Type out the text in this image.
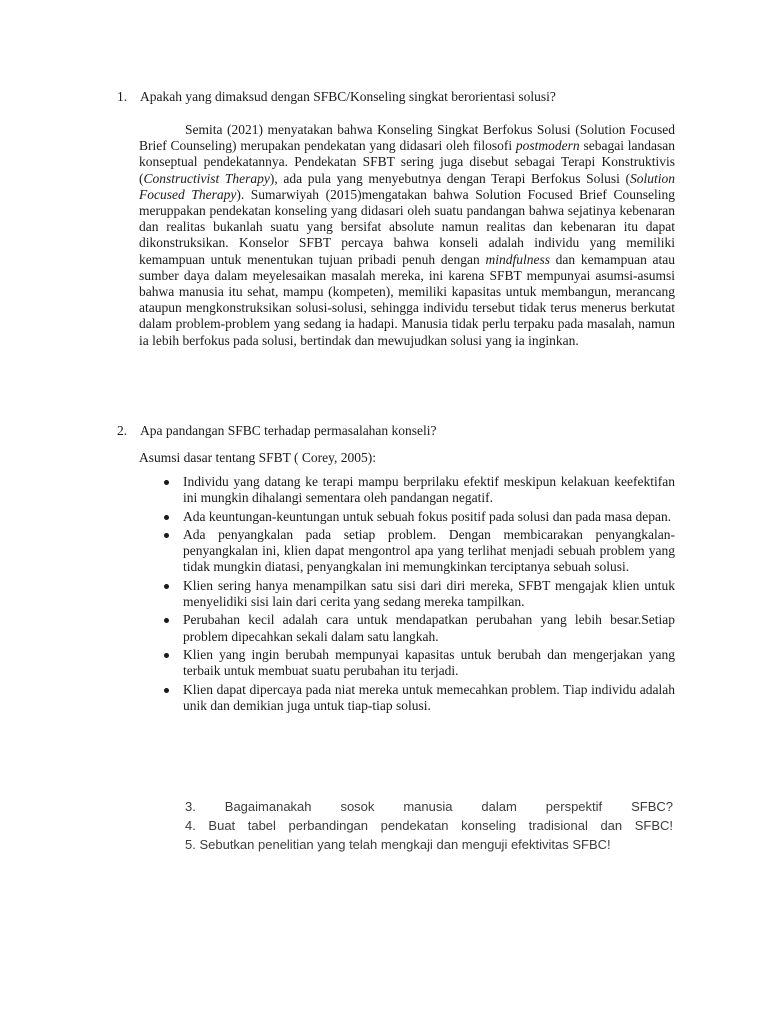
1. Apakah yang dimaksud dengan SFBC/Konseling singkat berorientasi solusi?
Semita (2021) menyatakan bahwa Konseling Singkat Berfokus Solusi (Solution Focused Brief Counseling) merupakan pendekatan yang didasari oleh filosofi postmodern sebagai landasan konseptual pendekatannya. Pendekatan SFBT sering juga disebut sebagai Terapi Konstruktivis (Constructivist Therapy), ada pula yang menyebutnya dengan Terapi Berfokus Solusi (Solution Focused Therapy). Sumarwiyah (2015)mengatakan bahwa Solution Focused Brief Counseling meruppakan pendekatan konseling yang didasari oleh suatu pandangan bahwa sejatinya kebenaran dan realitas bukanlah suatu yang bersifat absolute namun realitas dan kebenaran itu dapat dikonstruksikan. Konselor SFBT percaya bahwa konseli adalah individu yang memiliki kemampuan untuk menentukan tujuan pribadi penuh dengan mindfulness dan kemampuan atau sumber daya dalam meyelesaikan masalah mereka, ini karena SFBT mempunyai asumsi-asumsi bahwa manusia itu sehat, mampu (kompeten), memiliki kapasitas untuk membangun, merancang ataupun mengkonstruksikan solusi-solusi, sehingga individu tersebut tidak terus menerus berkutat dalam problem-problem yang sedang ia hadapi. Manusia tidak perlu terpaku pada masalah, namun ia lebih berfokus pada solusi, bertindak dan mewujudkan solusi yang ia inginkan.
2. Apa pandangan SFBC terhadap permasalahan konseli?
Asumsi dasar tentang SFBT ( Corey, 2005):
Individu yang datang ke terapi mampu berprilaku efektif meskipun kelakuan keefektifan ini mungkin dihalangi sementara oleh pandangan negatif.
Ada keuntungan-keuntungan untuk sebuah fokus positif pada solusi dan pada masa depan.
Ada penyangkalan pada setiap problem. Dengan membicarakan penyangkalan-penyangkalan ini, klien dapat mengontrol apa yang terlihat menjadi sebuah problem yang tidak mungkin diatasi, penyangkalan ini memungkinkan terciptanya sebuah solusi.
Klien sering hanya menampilkan satu sisi dari diri mereka, SFBT mengajak klien untuk menyelidiki sisi lain dari cerita yang sedang mereka tampilkan.
Perubahan kecil adalah cara untuk mendapatkan perubahan yang lebih besar.Setiap problem dipecahkan sekali dalam satu langkah.
Klien yang ingin berubah mempunyai kapasitas untuk berubah dan mengerjakan yang terbaik untuk membuat suatu perubahan itu terjadi.
Klien dapat dipercaya pada niat mereka untuk memecahkan problem. Tiap individu adalah unik dan demikian juga untuk tiap-tiap solusi.
3. Bagaimanakah sosok manusia dalam perspektif SFBC?
4. Buat tabel perbandingan pendekatan konseling tradisional dan SFBC!
5. Sebutkan penelitian yang telah mengkaji dan menguji efektivitas SFBC!
